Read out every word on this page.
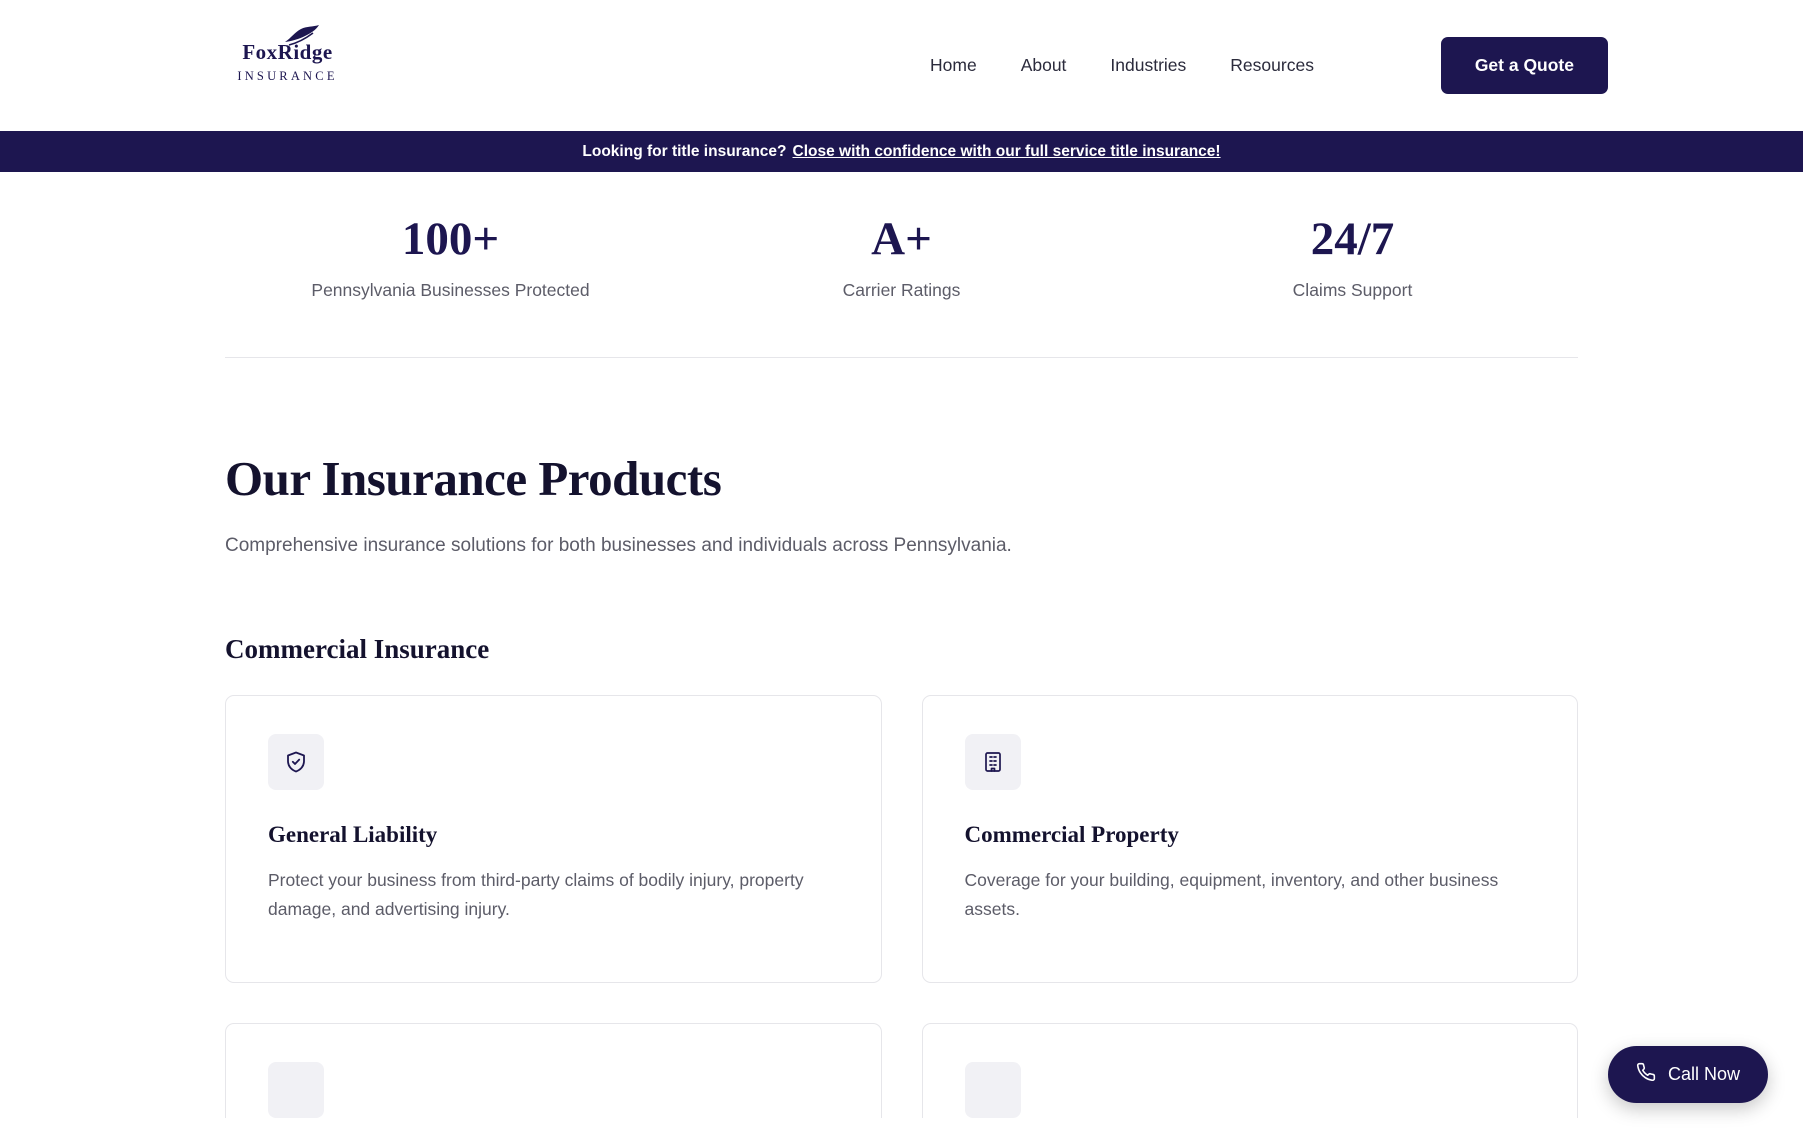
FoxRidge
INSURANCE
Home	About	Industries	Resources	Get a Quote
Looking for title insurance? Close with confidence with our full service title insurance!
100+
Pennsylvania Businesses Protected
A+
Carrier Ratings
24/7
Claims Support
Our Insurance Products

Comprehensive insurance solutions for both businesses and individuals across Pennsylvania.

Commercial Insurance
General Liability
Protect your business from third-party claims of bodily injury, property damage, and advertising injury.
Commercial Property
Coverage for your building, equipment, inventory, and other business assets.
Call Now
